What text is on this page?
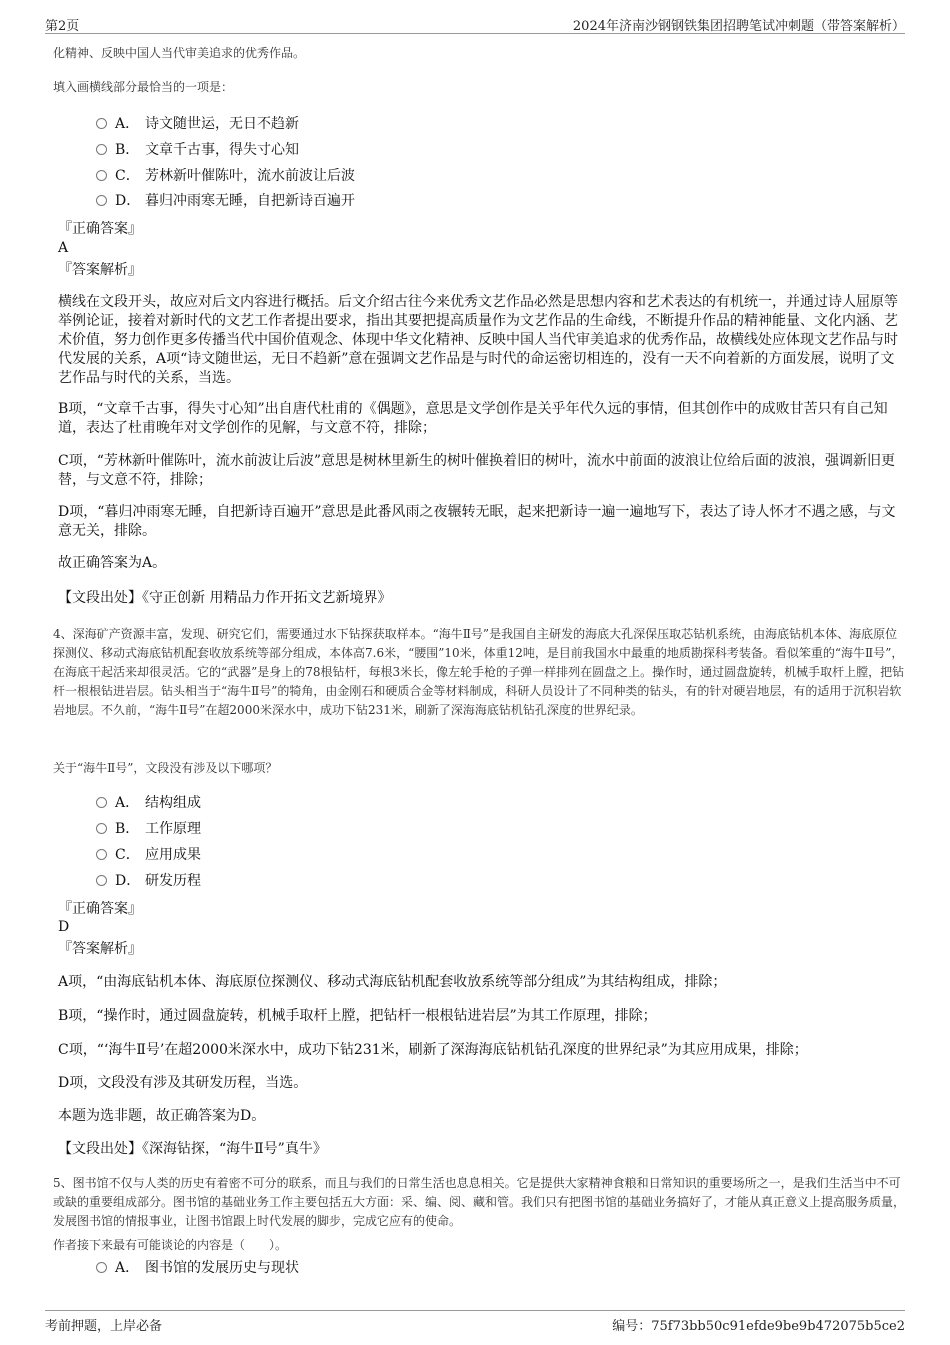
第2页	2024年济南沙钢钢铁集团招聘笔试冲刺题（带答案解析）

化精神、反映中国人当代审美追求的优秀作品。

填入画横线部分最恰当的一项是：

A． 诗文随世运，无日不趋新
B． 文章千古事，得失寸心知
C． 芳林新叶催陈叶，流水前波让后波
D． 暮归冲雨寒无睡，自把新诗百遍开
『正确答案』
A
『答案解析』

横线在文段开头，故应对后文内容进行概括。后文介绍古往今来优秀文艺作品必然是思想内容和艺术表达的有机统一，并通过诗人屈原等举例论证，接着对新时代的文艺工作者提出要求，指出其要把提高质量作为文艺作品的生命线，不断提升作品的精神能量、文化内涵、艺术价值，努力创作更多传播当代中国价值观念、体现中华文化精神、反映中国人当代审美追求的优秀作品，故横线处应体现文艺作品与时代发展的关系，A项“诗文随世运，无日不趋新”意在强调文艺作品是与时代的命运密切相连的，没有一天不向着新的方面发展，说明了文艺作品与时代的关系，当选。

B项，“文章千古事，得失寸心知”出自唐代杜甫的《偶题》，意思是文学创作是关乎年代久远的事情，但其创作中的成败甘苦只有自己知道，表达了杜甫晚年对文学创作的见解，与文意不符，排除；

C项，“芳林新叶催陈叶，流水前波让后波”意思是树林里新生的树叶催换着旧的树叶，流水中前面的波浪让位给后面的波浪，强调新旧更替，与文意不符，排除；

D项，“暮归冲雨寒无睡，自把新诗百遍开”意思是此番风雨之夜辗转无眠，起来把新诗一遍一遍地写下，表达了诗人怀才不遇之感，与文意无关，排除。

故正确答案为A。

【文段出处】《守正创新 用精品力作开拓文艺新境界》

4、深海矿产资源丰富，发现、研究它们，需要通过水下钻探获取样本。“海牛Ⅱ号”是我国自主研发的海底大孔深保压取芯钻机系统，由海底钻机本体、海底原位探测仪、移动式海底钻机配套收放系统等部分组成，本体高7.6米，“腰围”10米，体重12吨，是目前我国水中最重的地质勘探科考装备。看似笨重的“海牛Ⅱ号”，在海底干起活来却很灵活。它的“武器”是身上的78根钻杆，每根3米长，像左轮手枪的子弹一样排列在圆盘之上。操作时，通过圆盘旋转，机械手取杆上膛，把钻杆一根根钻进岩层。钻头相当于“海牛Ⅱ号”的犄角，由金刚石和硬质合金等材料制成，科研人员设计了不同种类的钻头，有的针对硬岩地层，有的适用于沉积岩软岩地层。不久前，“海牛Ⅱ号”在超2000米深水中，成功下钻231米，刷新了深海海底钻机钻孔深度的世界纪录。

关于“海牛Ⅱ号”，文段没有涉及以下哪项？

A． 结构组成
B． 工作原理
C． 应用成果
D． 研发历程
『正确答案』
D
『答案解析』

A项，“由海底钻机本体、海底原位探测仪、移动式海底钻机配套收放系统等部分组成”为其结构组成，排除；

B项，“操作时，通过圆盘旋转，机械手取杆上膛，把钻杆一根根钻进岩层”为其工作原理，排除；

C项，“‘海牛Ⅱ号’在超2000米深水中，成功下钻231米，刷新了深海海底钻机钻孔深度的世界纪录”为其应用成果，排除；

D项，文段没有涉及其研发历程，当选。

本题为选非题，故正确答案为D。

【文段出处】《深海钻探，“海牛Ⅱ号”真牛》

5、图书馆不仅与人类的历史有着密不可分的联系，而且与我们的日常生活也息息相关。它是提供大家精神食粮和日常知识的重要场所之一，是我们生活当中不可或缺的重要组成部分。图书馆的基础业务工作主要包括五大方面：采、编、阅、藏和管。我们只有把图书馆的基础业务搞好了，才能从真正意义上提高服务质量，发展图书馆的情报事业，让图书馆跟上时代发展的脚步，完成它应有的使命。

作者接下来最有可能谈论的内容是（　　）。

A． 图书馆的发展历史与现状
考前押题，上岸必备	编号：75f73bb50c91efde9be9b472075b5ce2
